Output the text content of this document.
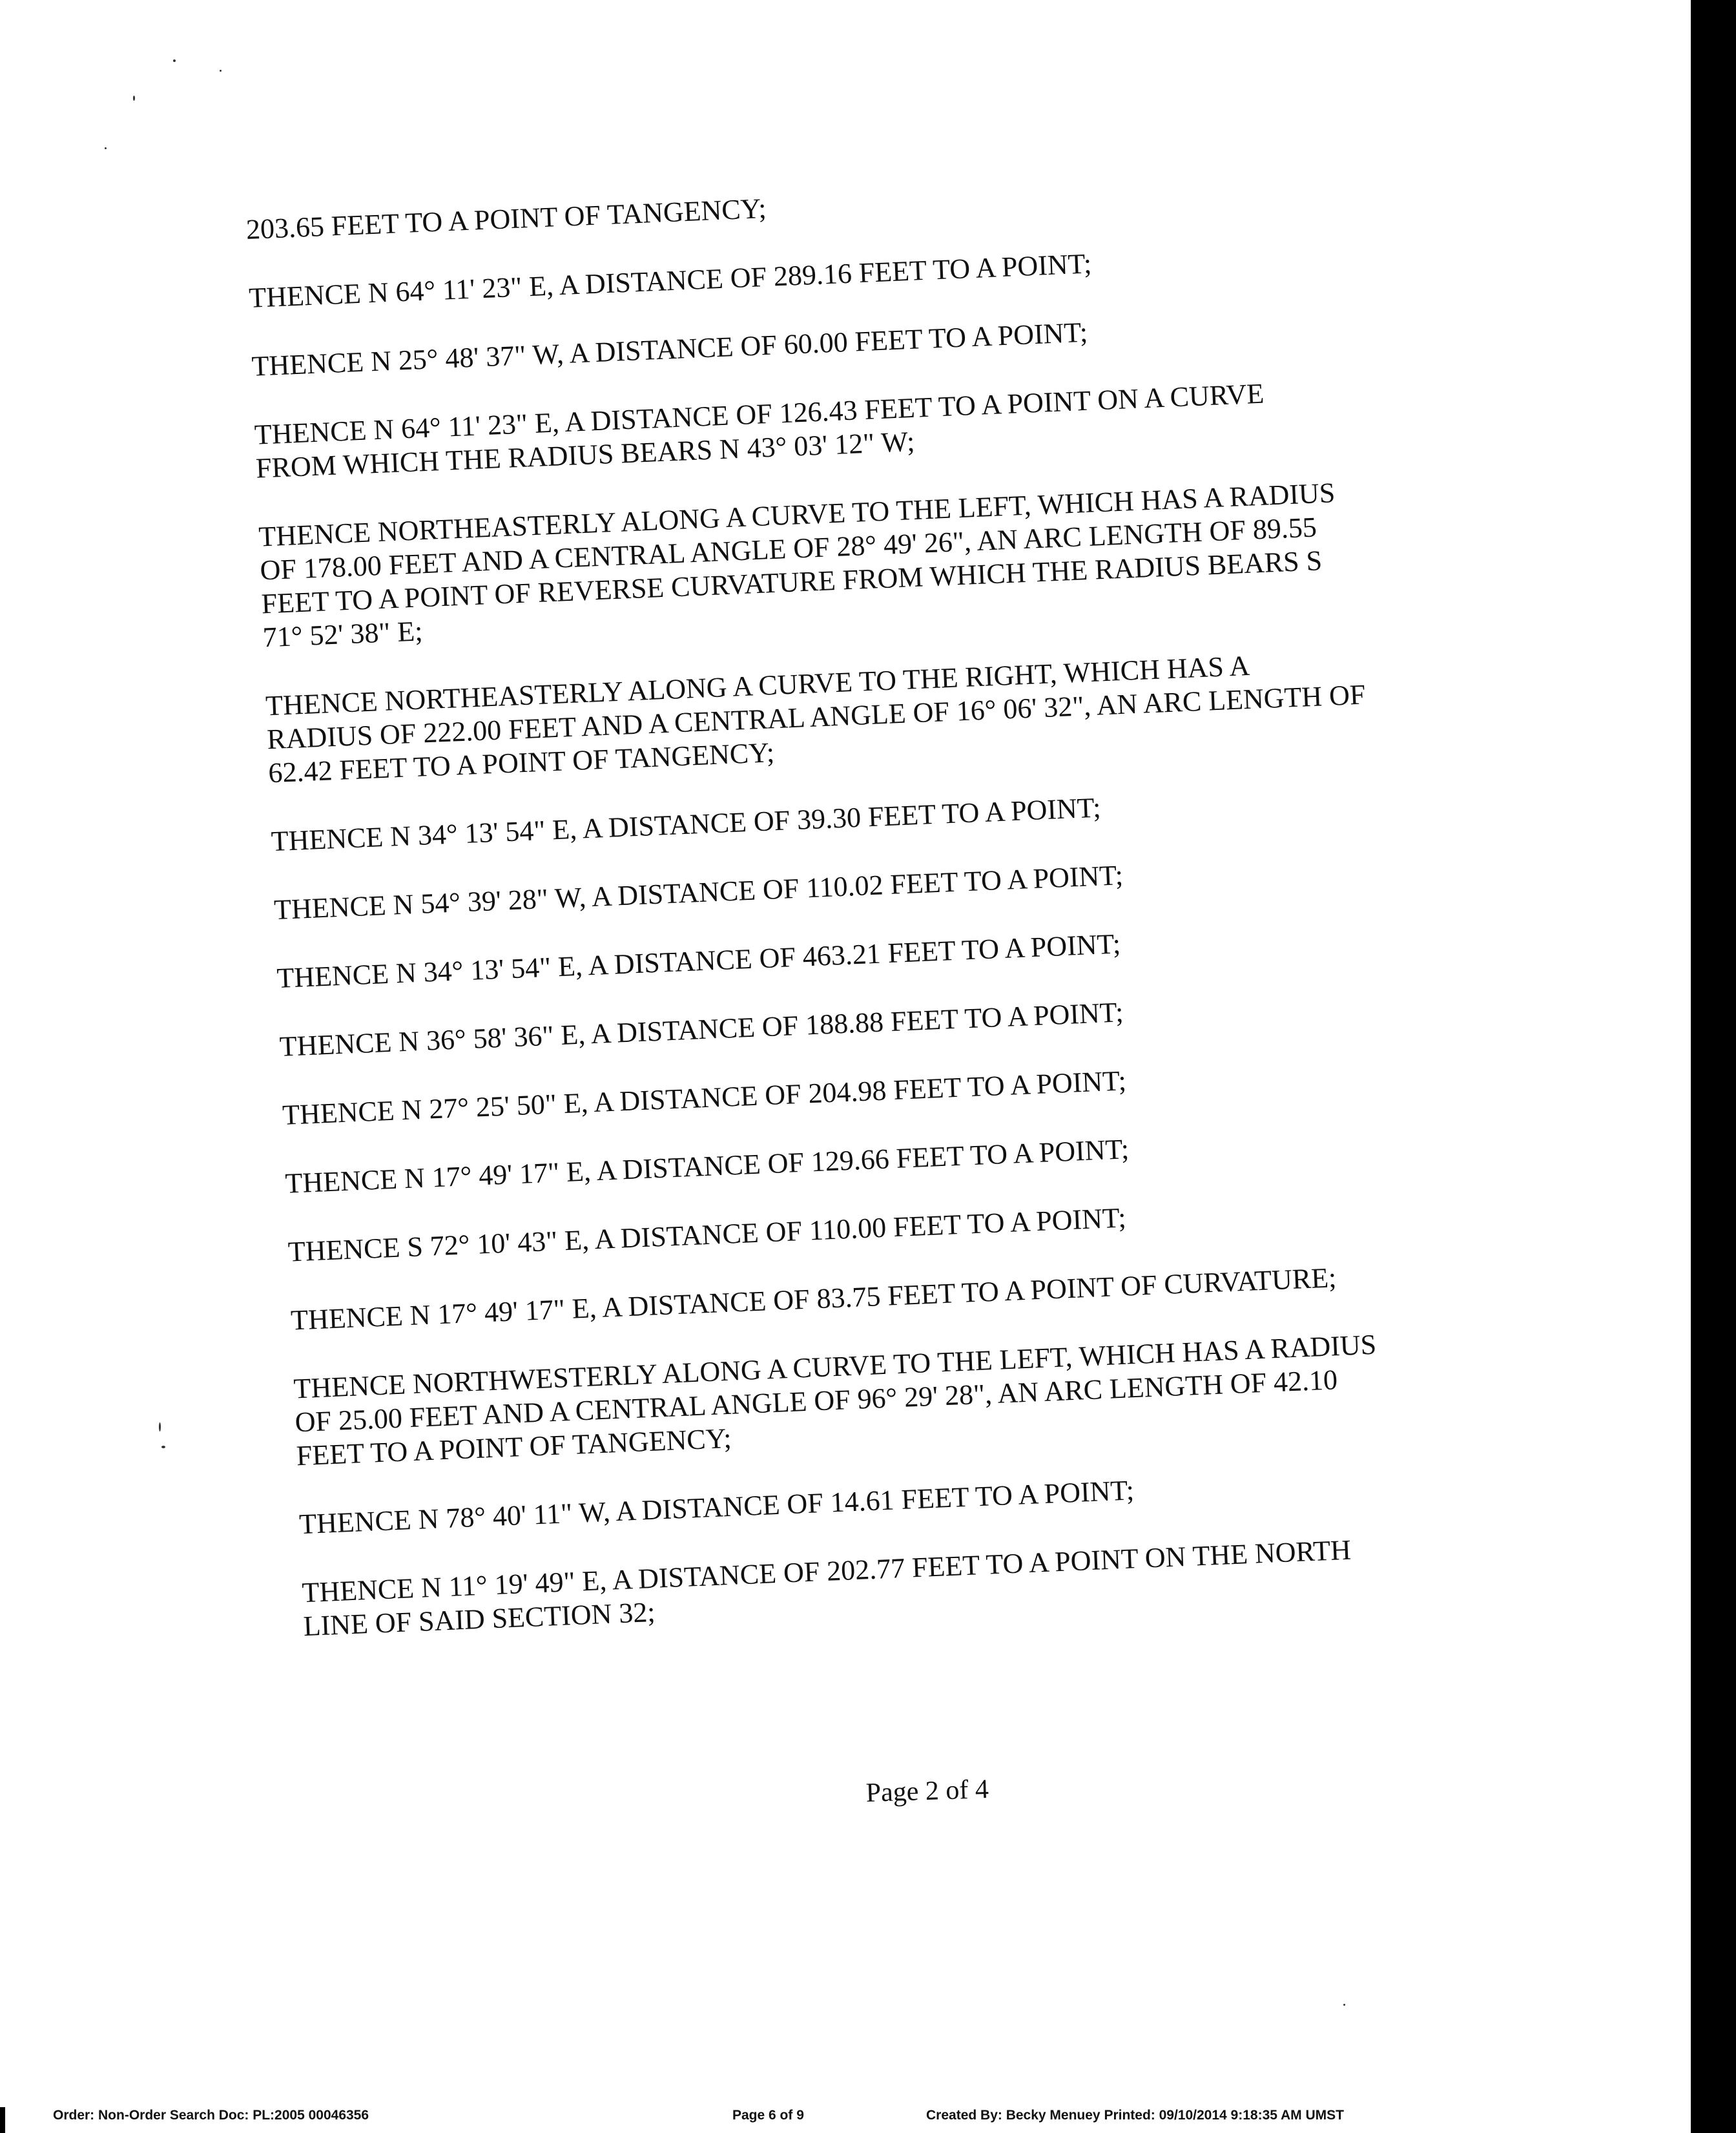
203.65 FEET TO A POINT OF TANGENCY;

THENCE N 64° 11' 23" E, A DISTANCE OF 289.16 FEET TO A POINT;

THENCE N 25° 48' 37" W, A DISTANCE OF 60.00 FEET TO A POINT;

THENCE N 64° 11' 23" E, A DISTANCE OF 126.43 FEET TO A POINT ON A CURVE
FROM WHICH THE RADIUS BEARS N 43° 03' 12" W;

THENCE NORTHEASTERLY ALONG A CURVE TO THE LEFT, WHICH HAS A RADIUS
OF 178.00 FEET AND A CENTRAL ANGLE OF 28° 49' 26", AN ARC LENGTH OF 89.55
FEET TO A POINT OF REVERSE CURVATURE FROM WHICH THE RADIUS BEARS S
71° 52' 38" E;

THENCE NORTHEASTERLY ALONG A CURVE TO THE RIGHT, WHICH HAS A
RADIUS OF 222.00 FEET AND A CENTRAL ANGLE OF 16° 06' 32", AN ARC LENGTH OF
62.42 FEET TO A POINT OF TANGENCY;

THENCE N 34° 13' 54" E, A DISTANCE OF 39.30 FEET TO A POINT;

THENCE N 54° 39' 28" W, A DISTANCE OF 110.02 FEET TO A POINT;

THENCE N 34° 13' 54" E, A DISTANCE OF 463.21 FEET TO A POINT;

THENCE N 36° 58' 36" E, A DISTANCE OF 188.88 FEET TO A POINT;

THENCE N 27° 25' 50" E, A DISTANCE OF 204.98 FEET TO A POINT;

THENCE N 17° 49' 17" E, A DISTANCE OF 129.66 FEET TO A POINT;

THENCE S 72° 10' 43" E, A DISTANCE OF 110.00 FEET TO A POINT;

THENCE N 17° 49' 17" E, A DISTANCE OF 83.75 FEET TO A POINT OF CURVATURE;

THENCE NORTHWESTERLY ALONG A CURVE TO THE LEFT, WHICH HAS A RADIUS
OF 25.00 FEET AND A CENTRAL ANGLE OF 96° 29' 28", AN ARC LENGTH OF 42.10
FEET TO A POINT OF TANGENCY;

THENCE N 78° 40' 11" W, A DISTANCE OF 14.61 FEET TO A POINT;

THENCE N 11° 19' 49" E, A DISTANCE OF 202.77 FEET TO A POINT ON THE NORTH
LINE OF SAID SECTION 32;

Page 2 of 4
Order: Non-Order Search Doc: PL:2005 00046356	Page 6 of 9	Created By: Becky Menuey Printed: 09/10/2014 9:18:35 AM UMST
